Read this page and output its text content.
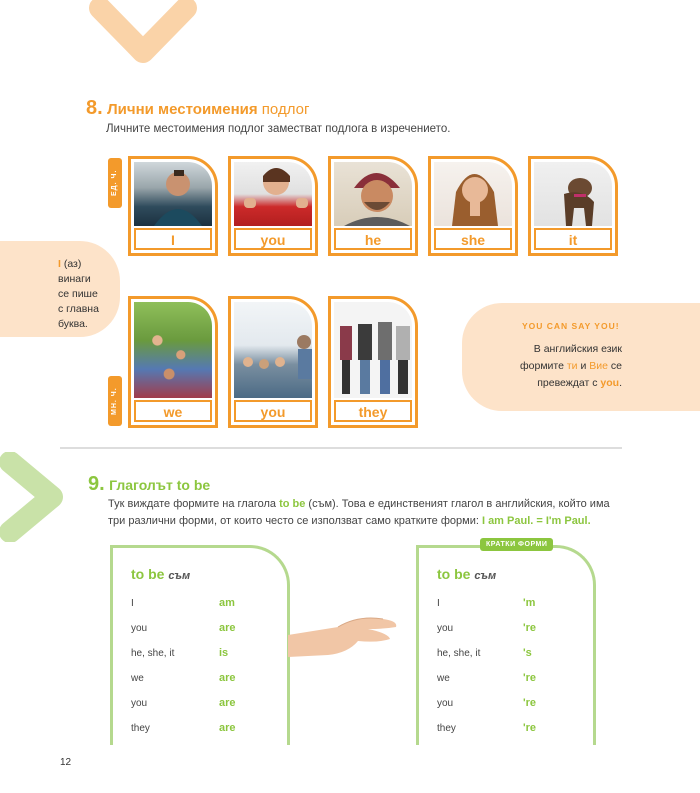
8. Лични местоимения подлог
Личните местоимения подлог заместват подлога в изречението.
I (аз)
винаги
се пише
с главна
буква.
ЕД. Ч.
МН. Ч.
I	you	he	she	it
we	you	they
YOU CAN SAY YOU!
В английския език
формите ти и Вие се
превеждат с you.
9. Глаголът to be
Тук виждате формите на глагола to be (съм). Това е единственият глагол в английския, който има
три различни форми, от които често се използват само кратките форми: I am Paul. = I'm Paul.
to be съм
I	am
you	are
he, she, it	is
we	are
you	are
they	are
to be съм
I	'm
you	're
he, she, it	's
we	're
you	're
they	're
КРАТКИ ФОРМИ
12
